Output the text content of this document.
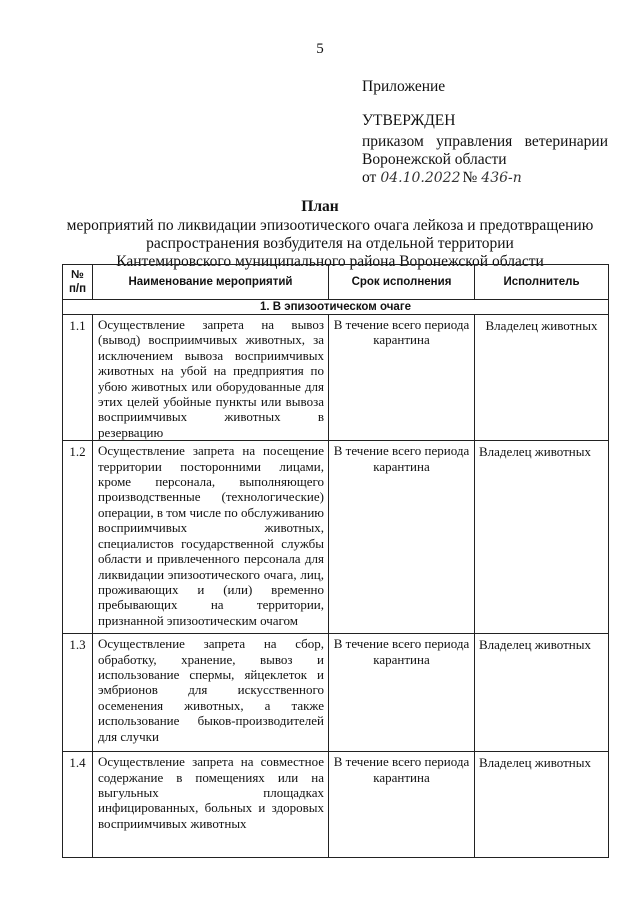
5
Приложение
УТВЕРЖДЕН
приказом управления ветеринарии
Воронежской области
от 04.10.2022 № 436-п
План
мероприятий по ликвидации эпизоотического очага лейкоза и предотвращению
распространения возбудителя на отдельной территории
Кантемировского муниципального района Воронежской области
№ п/п	Наименование мероприятий	Срок исполнения	Исполнитель
1. В эпизоотическом очаге			
1.1	Осуществление запрета на вывоз (вывод) восприимчивых животных, за исключением вывоза восприимчивых животных на убой на предприятия по убою животных или оборудованные для этих целей убойные пункты или вывоза восприимчивых животных в резервацию	В течение всего периода карантина	Владелец животных
1.2	Осуществление запрета на посещение территории посторонними лицами, кроме персонала, выполняющего производственные (технологические) операции, в том числе по обслуживанию восприимчивых животных, специалистов государственной службы области и привлеченного персонала для ликвидации эпизоотического очага, лиц, проживающих и (или) временно пребывающих на территории, признанной эпизоотическим очагом	В течение всего периода карантина	Владелец животных
1.3	Осуществление запрета на сбор, обработку, хранение, вывоз и использование спермы, яйцеклеток и эмбрионов для искусственного осеменения животных, а также использование быков-производителей для случки	В течение всего периода карантина	Владелец животных
1.4	Осуществление запрета на совместное содержание в помещениях или на выгульных площадках инфицированных, больных и здоровых восприимчивых животных	В течение всего периода карантина	Владелец животных
